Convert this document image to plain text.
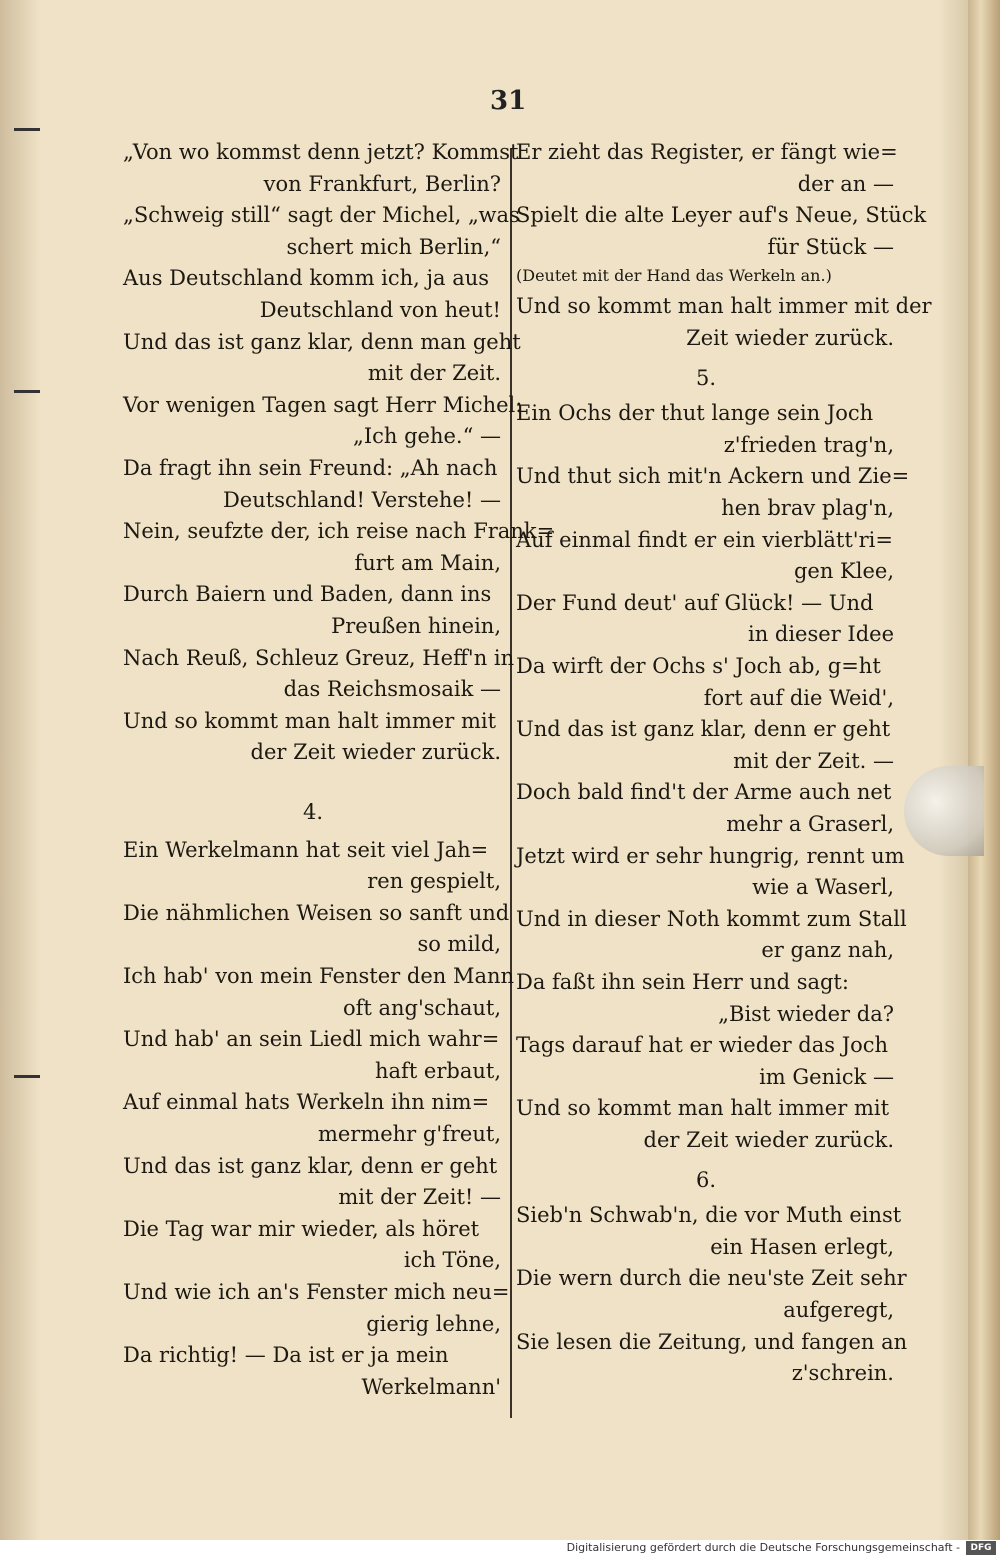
31
„Von wo kommst denn jetzt? Kommst
von Frankfurt, Berlin?
„Schweig still“ sagt der Michel, „was
schert mich Berlin,“
Aus Deutschland komm ich, ja aus
Deutschland von heut!
Und das ist ganz klar, denn man geht
mit der Zeit.
Vor wenigen Tagen sagt Herr Michel:
„Ich gehe.“ —
Da fragt ihn sein Freund: „Ah nach
Deutschland! Verstehe! —
Nein, seufzte der, ich reise nach Frank=
furt am Main,
Durch Baiern und Baden, dann ins
Preußen hinein,
Nach Reuß, Schleuz Greuz, Heff'n in
das Reichsmosaik —
Und so kommt man halt immer mit
der Zeit wieder zurück.
4.
Ein Werkelmann hat seit viel Jah=
ren gespielt,
Die nähmlichen Weisen so sanft und
so mild,
Ich hab' von mein Fenster den Mann
oft ang'schaut,
Und hab' an sein Liedl mich wahr=
haft erbaut,
Auf einmal hats Werkeln ihn nim=
mermehr g'freut,
Und das ist ganz klar, denn er geht
mit der Zeit! —
Die Tag war mir wieder, als höret
ich Töne,
Und wie ich an's Fenster mich neu=
gierig lehne,
Da richtig! — Da ist er ja mein
Werkelmann'
Er zieht das Register, er fängt wie=
der an —
Spielt die alte Leyer auf's Neue, Stück
für Stück —
(Deutet mit der Hand das Werkeln an.)
Und so kommt man halt immer mit der
Zeit wieder zurück.
5.
Ein Ochs der thut lange sein Joch
z'frieden trag'n,
Und thut sich mit'n Ackern und Zie=
hen brav plag'n,
Auf einmal findt er ein vierblätt'ri=
gen Klee,
Der Fund deut' auf Glück! — Und
in dieser Idee
Da wirft der Ochs s' Joch ab, g=ht
fort auf die Weid',
Und das ist ganz klar, denn er geht
mit der Zeit. —
Doch bald find't der Arme auch net
mehr a Graserl,
Jetzt wird er sehr hungrig, rennt um
wie a Waserl,
Und in dieser Noth kommt zum Stall
er ganz nah,
Da faßt ihn sein Herr und sagt:
„Bist wieder da?
Tags darauf hat er wieder das Joch
im Genick —
Und so kommt man halt immer mit
der Zeit wieder zurück.
6.
Sieb'n Schwab'n, die vor Muth einst
ein Hasen erlegt,
Die wern durch die neu'ste Zeit sehr
aufgeregt,
Sie lesen die Zeitung, und fangen an
z'schrein.
Digitalisierung gefördert durch die Deutsche Forschungsgemeinschaft -	DFG
